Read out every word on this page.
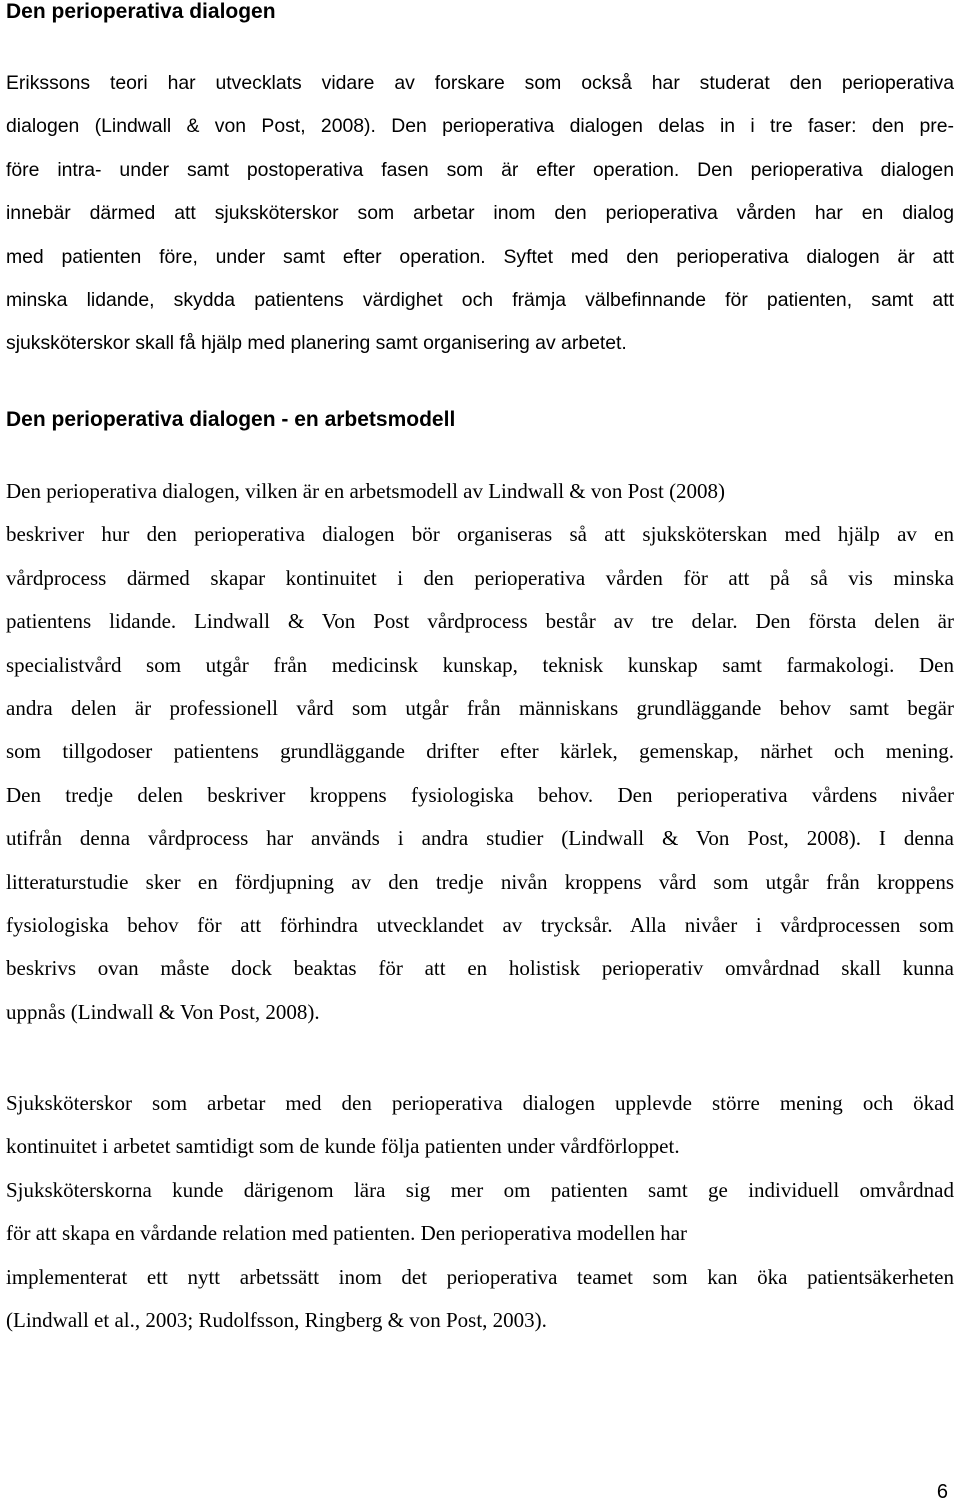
Den perioperativa dialogen
Erikssons teori har utvecklats vidare av forskare som också har studerat den perioperativa
dialogen (Lindwall & von Post, 2008). Den perioperativa dialogen delas in i tre faser: den pre-
före intra- under samt postoperativa fasen som är efter operation. Den perioperativa dialogen
innebär därmed att sjuksköterskor som arbetar inom den perioperativa vården har en dialog
med patienten före, under samt efter operation. Syftet med den perioperativa dialogen är att
minska lidande, skydda patientens värdighet och främja välbefinnande för patienten, samt att
sjuksköterskor skall få hjälp med planering samt organisering av arbetet.
Den perioperativa dialogen - en arbetsmodell
Den perioperativa dialogen, vilken är en arbetsmodell av Lindwall & von Post (2008)
beskriver hur den perioperativa dialogen bör organiseras så att sjuksköterskan med hjälp av en
vårdprocess därmed skapar kontinuitet i den perioperativa vården för att på så vis minska
patientens lidande. Lindwall & Von Post vårdprocess består av tre delar. Den första delen är
specialistvård som utgår från medicinsk kunskap, teknisk kunskap samt farmakologi. Den
andra delen är professionell vård som utgår från människans grundläggande behov samt begär
som tillgodoser patientens grundläggande drifter efter kärlek, gemenskap, närhet och mening.
Den tredje delen beskriver kroppens fysiologiska behov. Den perioperativa vårdens nivåer
utifrån denna vårdprocess har används i andra studier (Lindwall & Von Post, 2008). I denna
litteraturstudie sker en fördjupning av den tredje nivån kroppens vård som utgår från kroppens
fysiologiska behov för att förhindra utvecklandet av trycksår. Alla nivåer i vårdprocessen som
beskrivs ovan måste dock beaktas för att en holistisk perioperativ omvårdnad skall kunna
uppnås (Lindwall & Von Post, 2008).
Sjuksköterskor som arbetar med den perioperativa dialogen upplevde större mening och ökad
kontinuitet i arbetet samtidigt som de kunde följa patienten under vårdförloppet.
Sjuksköterskorna kunde därigenom lära sig mer om patienten samt ge individuell omvårdnad
för att skapa en vårdande relation med patienten. Den perioperativa modellen har
implementerat ett nytt arbetssätt inom det perioperativa teamet som kan öka patientsäkerheten
(Lindwall et al., 2003; Rudolfsson, Ringberg & von Post, 2003).
6
